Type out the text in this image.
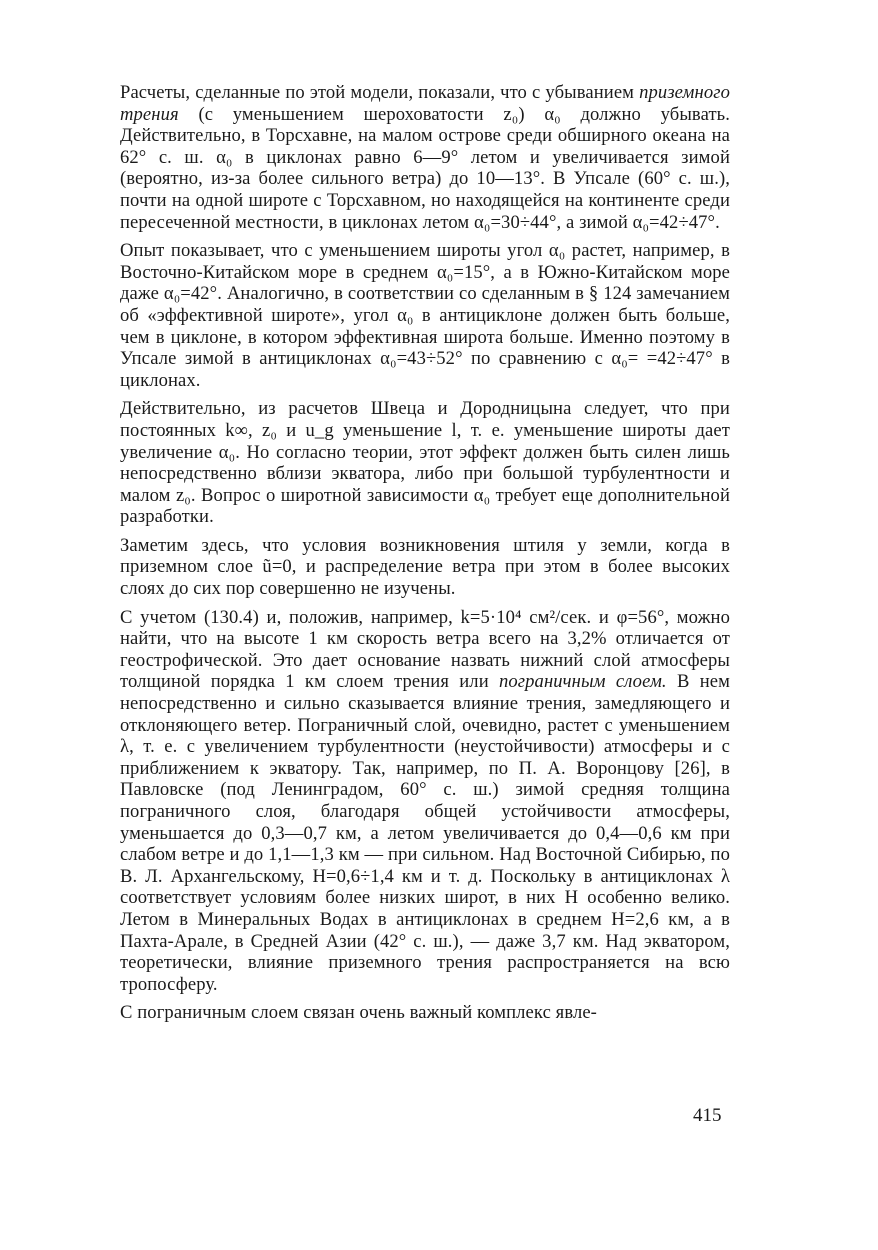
Расчеты, сделанные по этой модели, показали, что с убыванием приземного трения (с уменьшением шероховатости z₀) α₀ должно убывать. Действительно, в Торсхавне, на малом острове среди обширного океана на 62° с. ш. α₀ в циклонах равно 6—9° летом и увеличивается зимой (вероятно, из-за более сильного ветра) до 10—13°. В Упсале (60° с. ш.), почти на одной широте с Торсхавном, но находящейся на континенте среди пересеченной местности, в циклонах летом α₀=30÷44°, а зимой α₀=42÷47°.

Опыт показывает, что с уменьшением широты угол α₀ растет, например, в Восточно-Китайском море в среднем α₀=15°, а в Южно-Китайском море даже α₀=42°. Аналогично, в соответствии со сделанным в § 124 замечанием об «эффективной широте», угол α₀ в антициклоне должен быть больше, чем в циклоне, в котором эффективная широта больше. Именно поэтому в Упсале зимой в антициклонах α₀=43÷52° по сравнению с α₀= =42÷47° в циклонах.

Действительно, из расчетов Швеца и Дородницына следует, что при постоянных k∞, z₀ и u_g уменьшение l, т. е. уменьшение широты дает увеличение α₀. Но согласно теории, этот эффект должен быть силен лишь непосредственно вблизи экватора, либо при большой турбулентности и малом z₀. Вопрос о широтной зависимости α₀ требует еще дополнительной разработки.

Заметим здесь, что условия возникновения штиля у земли, когда в приземном слое ũ=0, и распределение ветра при этом в более высоких слоях до сих пор совершенно не изучены.

С учетом (130.4) и, положив, например, k=5·10⁴ см²/сек. и φ=56°, можно найти, что на высоте 1 км скорость ветра всего на 3,2% отличается от геострофической. Это дает основание назвать нижний слой атмосферы толщиной порядка 1 км слоем трения или пограничным слоем. В нем непосредственно и сильно сказывается влияние трения, замедляющего и отклоняющего ветер. Пограничный слой, очевидно, растет с уменьшением λ, т. е. с увеличением турбулентности (неустойчивости) атмосферы и с приближением к экватору. Так, например, по П. А. Воронцову [26], в Павловске (под Ленинградом, 60° с. ш.) зимой средняя толщина пограничного слоя, благодаря общей устойчивости атмосферы, уменьшается до 0,3—0,7 км, а летом увеличивается до 0,4—0,6 км при слабом ветре и до 1,1—1,3 км — при сильном. Над Восточной Сибирью, по В. Л. Архангельскому, H=0,6÷1,4 км и т. д. Поскольку в антициклонах λ соответствует условиям более низких широт, в них H особенно велико. Летом в Минеральных Водах в антициклонах в среднем H=2,6 км, а в Пахта-Арале, в Средней Азии (42° с. ш.), — даже 3,7 км. Над экватором, теоретически, влияние приземного трения распространяется на всю тропосферу.

С пограничным слоем связан очень важный комплекс явле-

415
